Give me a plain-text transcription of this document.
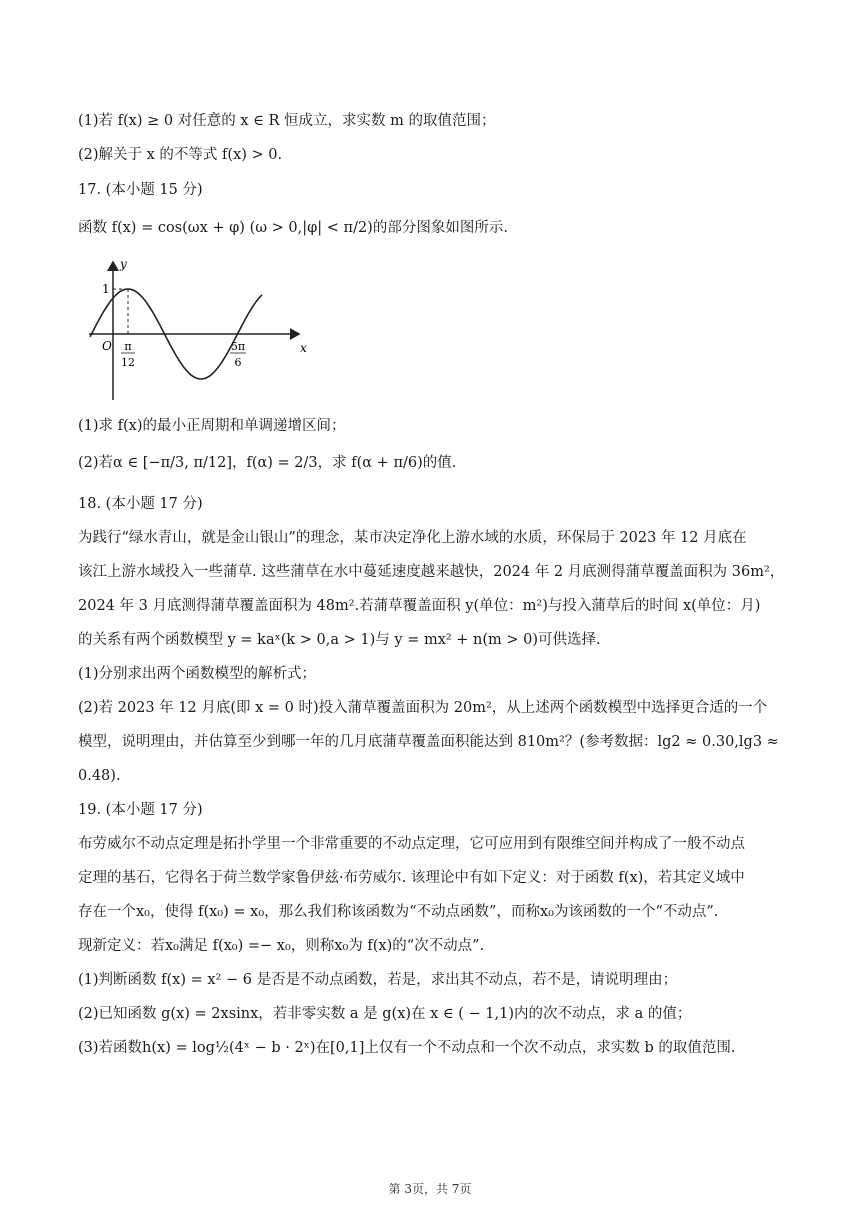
(1)若 f(x) ≥ 0 对任意的 x ∈ R 恒成立，求实数 m 的取值范围；
(2)解关于 x 的不等式 f(x) > 0.
17. (本小题 15 分)
函数 f(x) = cos(ωx + φ) (ω > 0,|φ| < π/2)的部分图象如图所示.
y
x
O
1
π
12
5π
6
(1)求 f(x)的最小正周期和单调递增区间；
(2)若α ∈ [−π/3, π/12]，f(α) = 2/3，求 f(α + π/6)的值.
18. (本小题 17 分)
为践行“绿水青山，就是金山银山”的理念，某市决定净化上游水域的水质，环保局于 2023 年 12 月底在
该江上游水域投入一些蒲草. 这些蒲草在水中蔓延速度越来越快，2024 年 2 月底测得蒲草覆盖面积为 36m²，
2024 年 3 月底测得蒲草覆盖面积为 48m².若蒲草覆盖面积 y(单位：m²)与投入蒲草后的时间 x(单位：月)
的关系有两个函数模型 y = kaˣ(k > 0,a > 1)与 y = mx² + n(m > 0)可供选择.
(1)分别求出两个函数模型的解析式；
(2)若 2023 年 12 月底(即 x = 0 时)投入蒲草覆盖面积为 20m²，从上述两个函数模型中选择更合适的一个
模型，说明理由，并估算至少到哪一年的几月底蒲草覆盖面积能达到 810m²？(参考数据：lg2 ≈ 0.30,lg3 ≈
0.48).
19. (本小题 17 分)
布劳威尔不动点定理是拓扑学里一个非常重要的不动点定理，它可应用到有限维空间并构成了一般不动点
定理的基石，它得名于荷兰数学家鲁伊兹·布劳威尔. 该理论中有如下定义：对于函数 f(x)，若其定义域中
存在一个x₀，使得 f(x₀) = x₀，那么我们称该函数为“不动点函数”，而称x₀为该函数的一个“不动点”.
现新定义：若x₀满足 f(x₀) =− x₀，则称x₀为 f(x)的“次不动点”.
(1)判断函数 f(x) = x² − 6 是否是不动点函数，若是，求出其不动点，若不是，请说明理由；
(2)已知函数 g(x) = 2xsinx，若非零实数 a 是 g(x)在 x ∈ ( − 1,1)内的次不动点，求 a 的值；
(3)若函数h(x) = log½(4ˣ − b · 2ˣ)在[0,1]上仅有一个不动点和一个次不动点，求实数 b 的取值范围.
第 3页，共 7页
